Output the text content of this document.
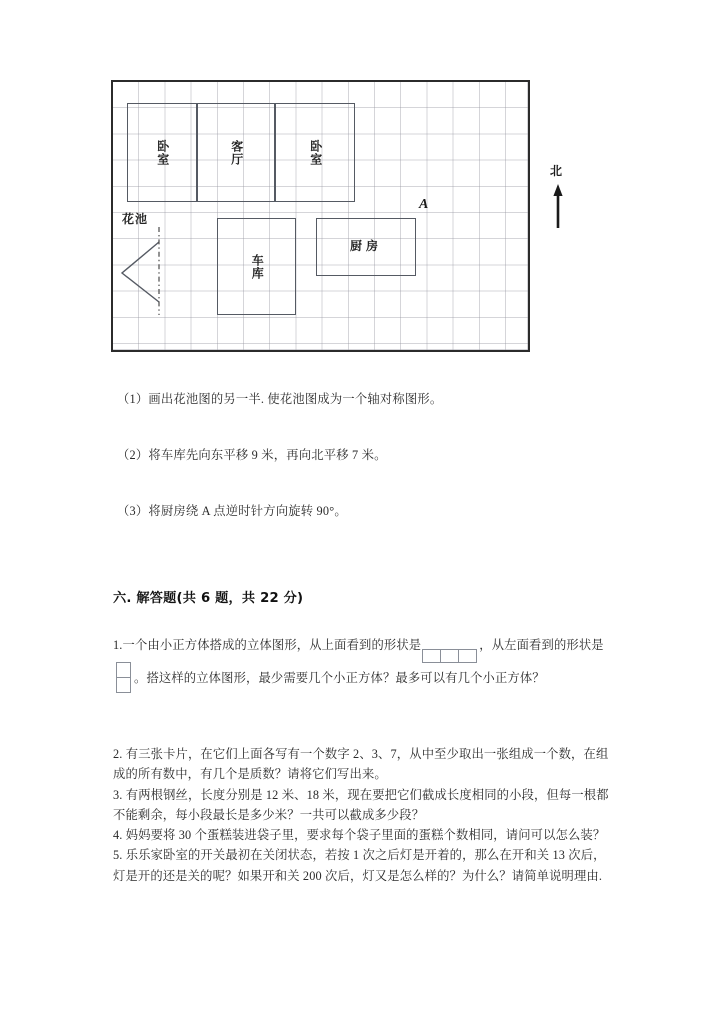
卧室	客厅	卧室
车库
厨房
花池
A
北
（1）画出花池图的另一半. 使花池图成为一个轴对称图形。
（2）将车库先向东平移 9 米，再向北平移 7 米。
（3）将厨房绕 A 点逆时针方向旋转 90°。
六. 解答题(共 6 题，共 22 分)
1.一个由小正方体搭成的立体图形，从上面看到的形状是	，从左面看到的形状是
。搭这样的立体图形，最少需要几个小正方体？最多可以有几个小正方体？

2. 有三张卡片，在它们上面各写有一个数字 2、3、7，从中至少取出一张组成一个数，在组成的所有数中，有几个是质数？请将它们写出来。

3. 有两根钢丝，长度分别是 12 米、18 米，现在要把它们截成长度相同的小段，但每一根都不能剩余，每小段最长是多少米？一共可以截成多少段？

4. 妈妈要将 30 个蛋糕装进袋子里，要求每个袋子里面的蛋糕个数相同，请问可以怎么装？

5. 乐乐家卧室的开关最初在关闭状态，若按 1 次之后灯是开着的，那么在开和关 13 次后，灯是开的还是关的呢？如果开和关 200 次后，灯又是怎么样的？为什么？请简单说明理由.
